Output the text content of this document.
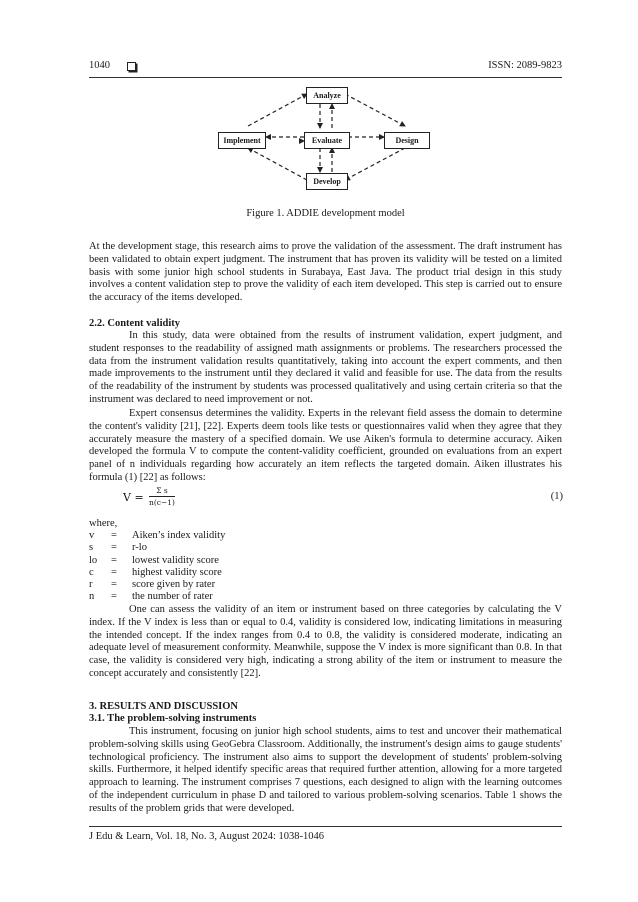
1040	ISSN: 2089-9823
Analyze
Implement	Evaluate	Design
Develop
Figure 1. ADDIE development model

At the development stage, this research aims to prove the validation of the assessment. The draft instrument has been validated to obtain expert judgment. The instrument that has proven its validity will be tested on a limited basis with some junior high school students in Surabaya, East Java. The product trial design in this study involves a content validation step to prove the validity of each item developed. This step is carried out to ensure the accuracy of the items developed.

2.2. Content validity

In this study, data were obtained from the results of instrument validation, expert judgment, and student responses to the readability of assigned math assignments or problems. The researchers processed the data from the instrument validation results quantitatively, taking into account the expert comments, and then made improvements to the instrument until they declared it valid and feasible for use. The data from the results of the readability of the instrument by students was processed qualitatively and using certain criteria so that the instrument was declared to need improvement or not.

Expert consensus determines the validity. Experts in the relevant field assess the domain to determine the content's validity [21], [22]. Experts deem tools like tests or questionnaires valid when they agree that they accurately measure the mastery of a specified domain. We use Aiken's formula to determine accuracy. Aiken developed the formula V to compute the content-validity coefficient, grounded on evaluations from an expert panel of n individuals regarding how accurately an item reflects the targeted domain. Aiken illustrates his formula (1) [22] as follows:

$V = \frac{\text{Σ s}}{n(c-1)}$	(1)
where,
v = Aiken’s index validity
s = r-lo
lo = lowest validity score
c = highest validity score
r = score given by rater
n = the number of rater

One can assess the validity of an item or instrument based on three categories by calculating the V index. If the V index is less than or equal to 0.4, validity is considered low, indicating limitations in measuring the intended concept. If the index ranges from 0.4 to 0.8, the validity is considered moderate, indicating an adequate level of measurement conformity. Meanwhile, suppose the V index is more significant than 0.8. In that case, the validity is considered very high, indicating a strong ability of the item or instrument to measure the concept accurately and consistently [22].

3. RESULTS AND DISCUSSION
3.1. The problem-solving instruments

This instrument, focusing on junior high school students, aims to test and uncover their mathematical problem-solving skills using GeoGebra Classroom. Additionally, the instrument's design aims to gauge students' technological proficiency. The instrument also aims to support the development of students' problem-solving skills. Furthermore, it helped identify specific areas that required further attention, allowing for a more targeted approach to learning. The instrument comprises 7 questions, each designed to align with the learning outcomes of the independent curriculum in phase D and tailored to various problem-solving scenarios. Table 1 shows the results of the problem grids that were developed.

J Edu & Learn, Vol. 18, No. 3, August 2024: 1038-1046
